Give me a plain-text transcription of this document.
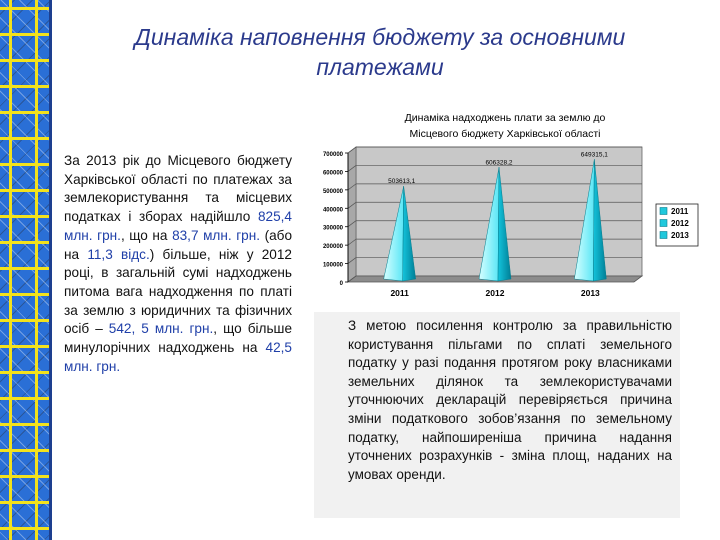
Динаміка наповнення бюджету за основними
платежами
За 2013 рік до Місцевого бюджету Харківської області по платежах за землекористування та місцевих податках і зборах надійшло 825,4 млн. грн., що на 83,7 млн. грн. (або на 11,3 відс.) більше, ніж у 2012 році, в загальній сумі надходжень питома вага надходження по платі за землю з юридичних та фізичних осіб – 542, 5 млн. грн., що більше минулорічних надходжень на 42,5 млн. грн.
Динаміка надходжень плати за землю до
Місцевого бюджету Харківської області
0
100000
200000
300000
400000
500000
600000
700000
503613,1
2011
606328,2
2012
649315,1
2013
2011
2012
2013
З метою посилення контролю за правильністю користування пільгами по сплаті земельного податку у разі подання протягом року власниками земельних ділянок та землекористувачами уточнюючих декларацій перевіряється причина зміни податкового зобов’язання по земельному податку, найпоширеніша причина надання уточнених розрахунків - зміна площ, наданих на умовах оренди.
